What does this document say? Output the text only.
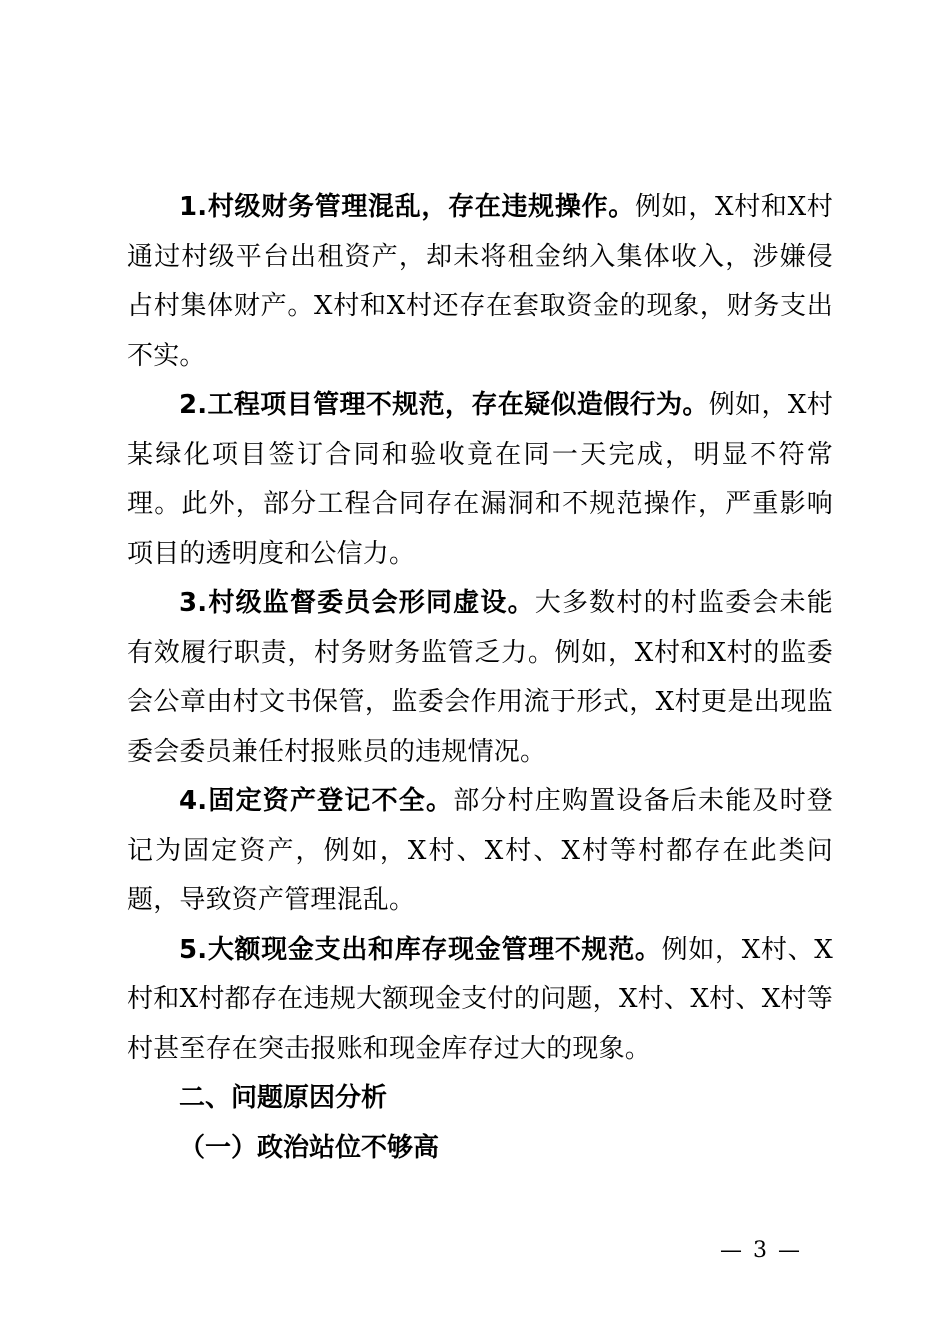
1.村级财务管理混乱，存在违规操作。例如，X村和X村通过村级平台出租资产，却未将租金纳入集体收入，涉嫌侵占村集体财产。X村和X村还存在套取资金的现象，财务支出不实。

2.工程项目管理不规范，存在疑似造假行为。例如，X村某绿化项目签订合同和验收竟在同一天完成，明显不符常理。此外，部分工程合同存在漏洞和不规范操作，严重影响项目的透明度和公信力。

3.村级监督委员会形同虚设。大多数村的村监委会未能有效履行职责，村务财务监管乏力。例如，X村和X村的监委会公章由村文书保管，监委会作用流于形式，X村更是出现监委会委员兼任村报账员的违规情况。

4.固定资产登记不全。部分村庄购置设备后未能及时登记为固定资产，例如，X村、X村、X村等村都存在此类问题，导致资产管理混乱。

5.大额现金支出和库存现金管理不规范。例如，X村、X村和X村都存在违规大额现金支付的问题，X村、X村、X村等村甚至存在突击报账和现金库存过大的现象。

二、问题原因分析

（一）政治站位不够高

— 3 —
